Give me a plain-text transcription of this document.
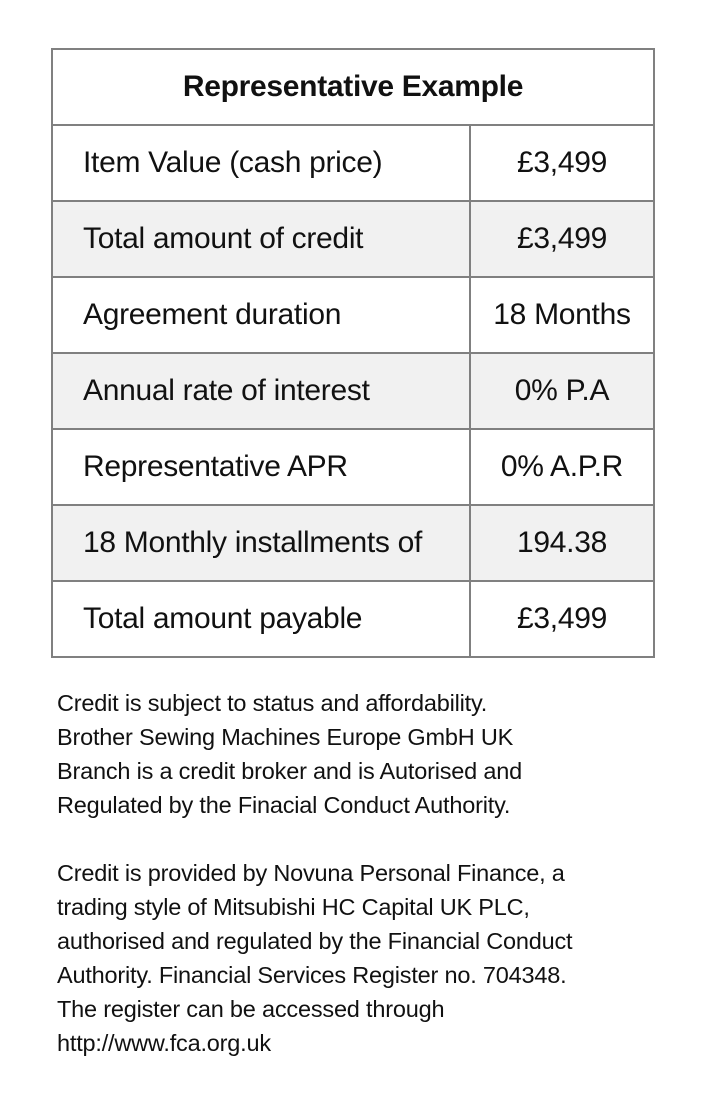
Representative Example
Item Value (cash price)	£3,499
Total amount of credit	£3,499
Agreement duration	18 Months
Annual rate of interest	0% P.A
Representative APR	0% A.P.R
18 Monthly installments of	194.38
Total amount payable	£3,499

Credit is subject to status and affordability.

Brother Sewing Machines Europe GmbH UK

Branch is a credit broker and is Autorised and

Regulated by the Finacial Conduct Authority.

Credit is provided by Novuna Personal Finance, a

trading style of Mitsubishi HC Capital UK PLC,

authorised and regulated by the Financial Conduct

Authority. Financial Services Register no. 704348.

The register can be accessed through

http://www.fca.org.uk
